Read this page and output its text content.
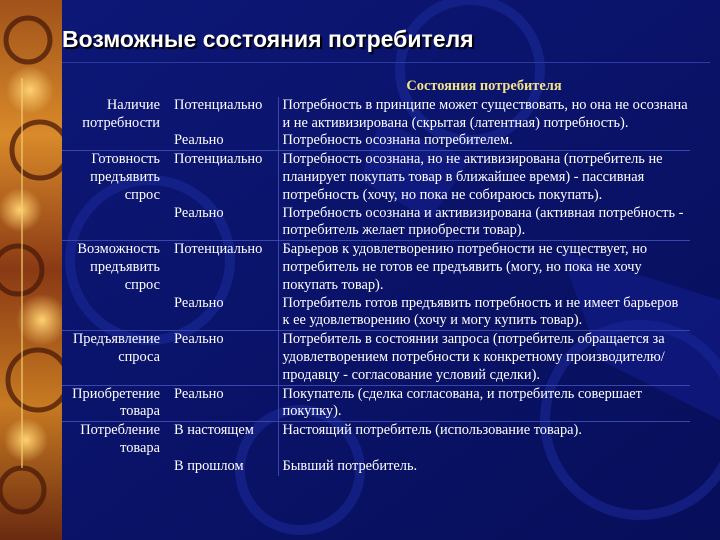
Возможные состояния потребителя
		Состояния потребителя
Наличие потребности	Потенциально	Потребность в принципе может существовать, но она не осознана и не активизирована (скрытая (латентная) потребность).
	Реально	Потребность осознана потребителем.
Готовность предъявить спрос	Потенциально	Потребность осознана, но не активизирована (потребитель не планирует покупать товар в ближайшее время) - пассивная потребность (хочу, но пока не собираюсь покупать).
	Реально	Потребность осознана и активизирована (активная потребность - потребитель желает приобрести товар).
Возможность предъявить спрос	Потенциально	Барьеров к удовлетворению потребности не существует, но потребитель не готов ее предъявить (могу, но пока не хочу покупать товар).
	Реально	Потребитель готов предъявить потребность и не имеет барьеров к ее удовлетворению (хочу и могу купить товар).
Предъявление спроса	Реально	Потребитель в состоянии запроса (потребитель обращается за удовлетворением потребности к конкретному производителю/продавцу - согласование условий сделки).
Приобретение товара	Реально	Покупатель (сделка согласована, и потребитель совершает покупку).
Потребление товара	В настоящем	Настоящий потребитель (использование товара).
	В прошлом	Бывший потребитель.
